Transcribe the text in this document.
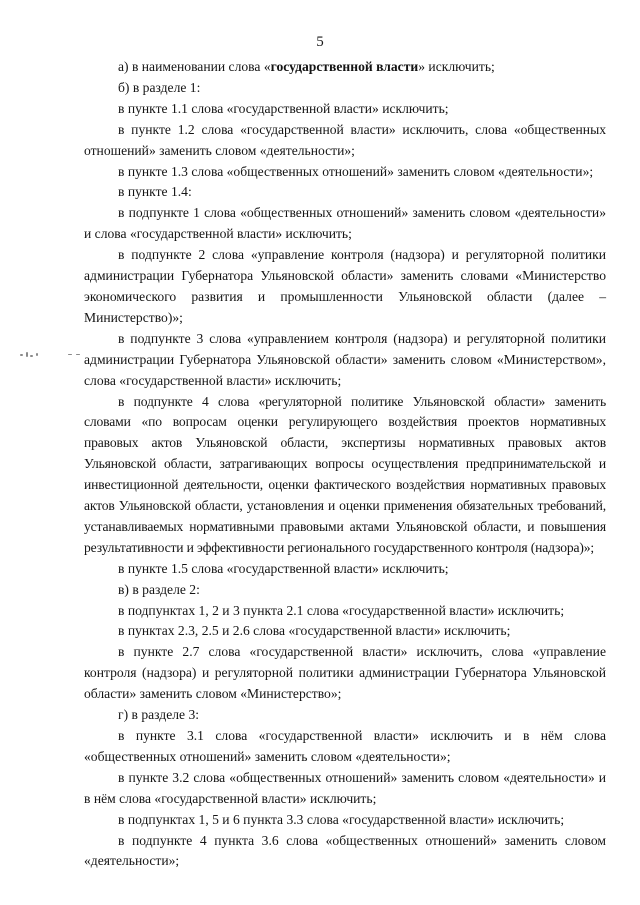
5

а) в наименовании слова «государственной власти» исключить;

б) в разделе 1:

в пункте 1.1 слова «государственной власти» исключить;

в пункте 1.2 слова «государственной власти» исключить, слова «общественных отношений» заменить словом «деятельности»;

в пункте 1.3 слова «общественных отношений» заменить словом «деятельности»;

в пункте 1.4:

в подпункте 1 слова «общественных отношений» заменить словом «деятельности» и слова «государственной власти» исключить;

в подпункте 2 слова «управление контроля (надзора) и регуляторной политики администрации Губернатора Ульяновской области» заменить словами «Министерство экономического развития и промышленности Ульяновской области (далее – Министерство)»;

в подпункте 3 слова «управлением контроля (надзора) и регуляторной политики администрации Губернатора Ульяновской области» заменить словом «Министерством», слова «государственной власти» исключить;

в подпункте 4 слова «регуляторной политике Ульяновской области» заменить словами «по вопросам оценки регулирующего воздействия проектов нормативных правовых актов Ульяновской области, экспертизы нормативных правовых актов Ульяновской области, затрагивающих вопросы осуществления предпринимательской и инвестиционной деятельности, оценки фактического воздействия нормативных правовых актов Ульяновской области, установления и оценки применения обязательных требований, устанавливаемых нормативными правовыми актами Ульяновской области, и повышения результативности и эффективности регионального государственного контроля (надзора)»;

в пункте 1.5 слова «государственной власти» исключить;

в) в разделе 2:

в подпунктах 1, 2 и 3 пункта 2.1 слова «государственной власти» исключить;

в пунктах 2.3, 2.5 и 2.6 слова «государственной власти» исключить;

в пункте 2.7 слова «государственной власти» исключить, слова «управление контроля (надзора) и регуляторной политики администрации Губернатора Ульяновской области» заменить словом «Министерство»;

г) в разделе 3:

в пункте 3.1 слова «государственной власти» исключить и в нём слова «общественных отношений» заменить словом «деятельности»;

в пункте 3.2 слова «общественных отношений» заменить словом «деятельности» и в нём слова «государственной власти» исключить;

в подпунктах 1, 5 и 6 пункта 3.3 слова «государственной власти» исключить;

в подпункте 4 пункта 3.6 слова «общественных отношений» заменить словом «деятельности»;
